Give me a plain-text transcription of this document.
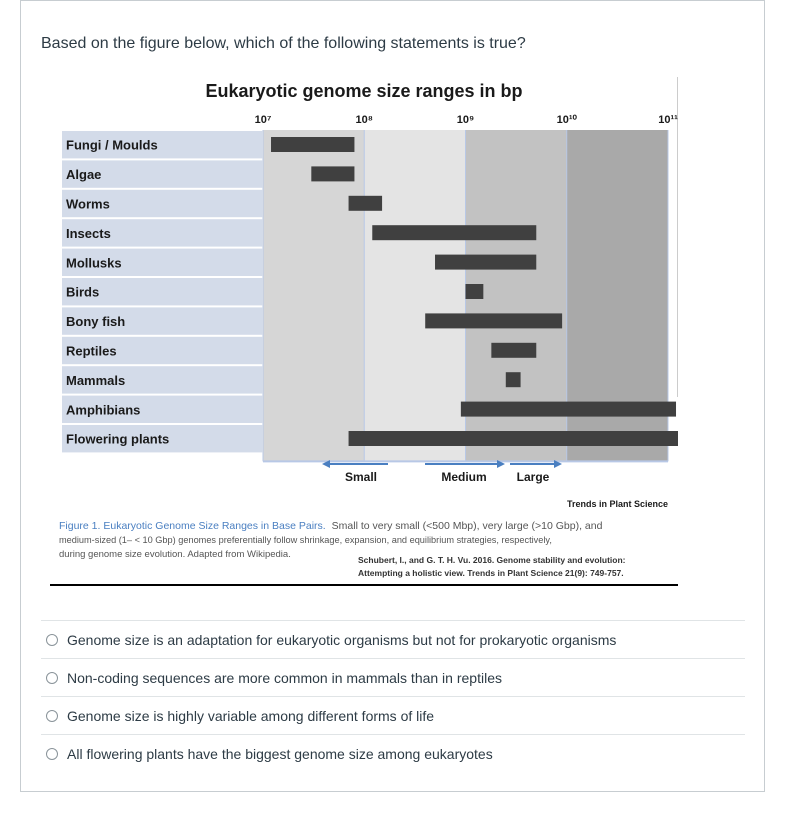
Based on the figure below, which of the following statements is true?
Eukaryotic genome size ranges in bp
10⁷	10⁸	10⁹	10¹⁰	10¹¹
Fungi / Moulds
Algae
Worms
Insects
Mollusks
Birds
Bony fish
Reptiles
Mammals
Amphibians
Flowering plants
Small	Medium Large
Trends in Plant Science
Figure 1. Eukaryotic Genome Size Ranges in Base Pairs. Small to very small (<500 Mbp), very large (>10 Gbp), and
medium-sized (1– < 10 Gbp) genomes preferentially follow shrinkage, expansion, and equilibrium strategies, respectively,
during genome size evolution. Adapted from Wikipedia.	Schubert, I., and G. T. H. Vu. 2016. Genome stability and evolution:
Attempting a holistic view. Trends in Plant Science 21(9): 749-757.
Genome size is an adaptation for eukaryotic organisms but not for prokaryotic organisms
Non-coding sequences are more common in mammals than in reptiles
Genome size is highly variable among different forms of life
All flowering plants have the biggest genome size among eukaryotes
